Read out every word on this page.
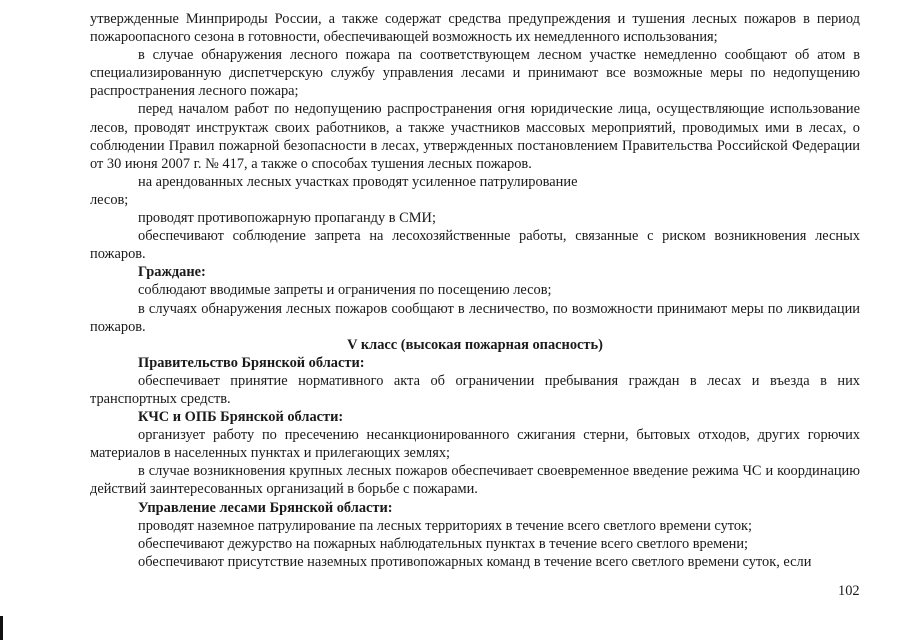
утвержденные Минприроды России, а также содержат средства предупреждения и тушения лесных пожаров в период пожароопасного сезона в готовности, обеспечивающей возможность их немедленного использования;

в случае обнаружения лесного пожара па соответствующем лесном участке немедленно сообщают об атом в специализированную диспетчерскую службу управления лесами и принимают все возможные меры по недопущению распространения лесного пожара;

перед началом работ по недопущению распространения огня юридические лица, осуществляющие использование лесов, проводят инструктаж своих работников, а также участников массовых мероприятий, проводимых ими в лесах, о соблюдении Правил пожарной безопасности в лесах, утвержденных постановлением Правительства Российской Федерации от 30 июня 2007 г. № 417, а также о способах тушения лесных пожаров.

на арендованных лесных участках проводят усиленное патрулирование

лесов;

проводят противопожарную пропаганду в СМИ;

обеспечивают соблюдение запрета на лесохозяйственные работы, связанные с риском возникновения лесных пожаров.

Граждане:

соблюдают вводимые запреты и ограничения по посещению лесов;

в случаях обнаружения лесных пожаров сообщают в лесничество, по возможности принимают меры по ликвидации пожаров.

V класс (высокая пожарная опасность)

Правительство Брянской области:

обеспечивает принятие нормативного акта об ограничении пребывания граждан в лесах и въезда в них транспортных средств.

КЧС и ОПБ Брянской области:

организует работу по пресечению несанкционированного сжигания стерни, бытовых отходов, других горючих материалов в населенных пунктах и прилегающих землях;

в случае возникновения крупных лесных пожаров обеспечивает своевременное введение режима ЧС и координацию действий заинтересованных организаций в борьбе с пожарами.

Управление лесами Брянской области:

проводят наземное патрулирование па лесных территориях в течение всего светлого времени суток;

обеспечивают дежурство на пожарных наблюдательных пунктах в течение всего светлого времени;

обеспечивают присутствие наземных противопожарных команд в течение всего светлого времени суток, если

102
